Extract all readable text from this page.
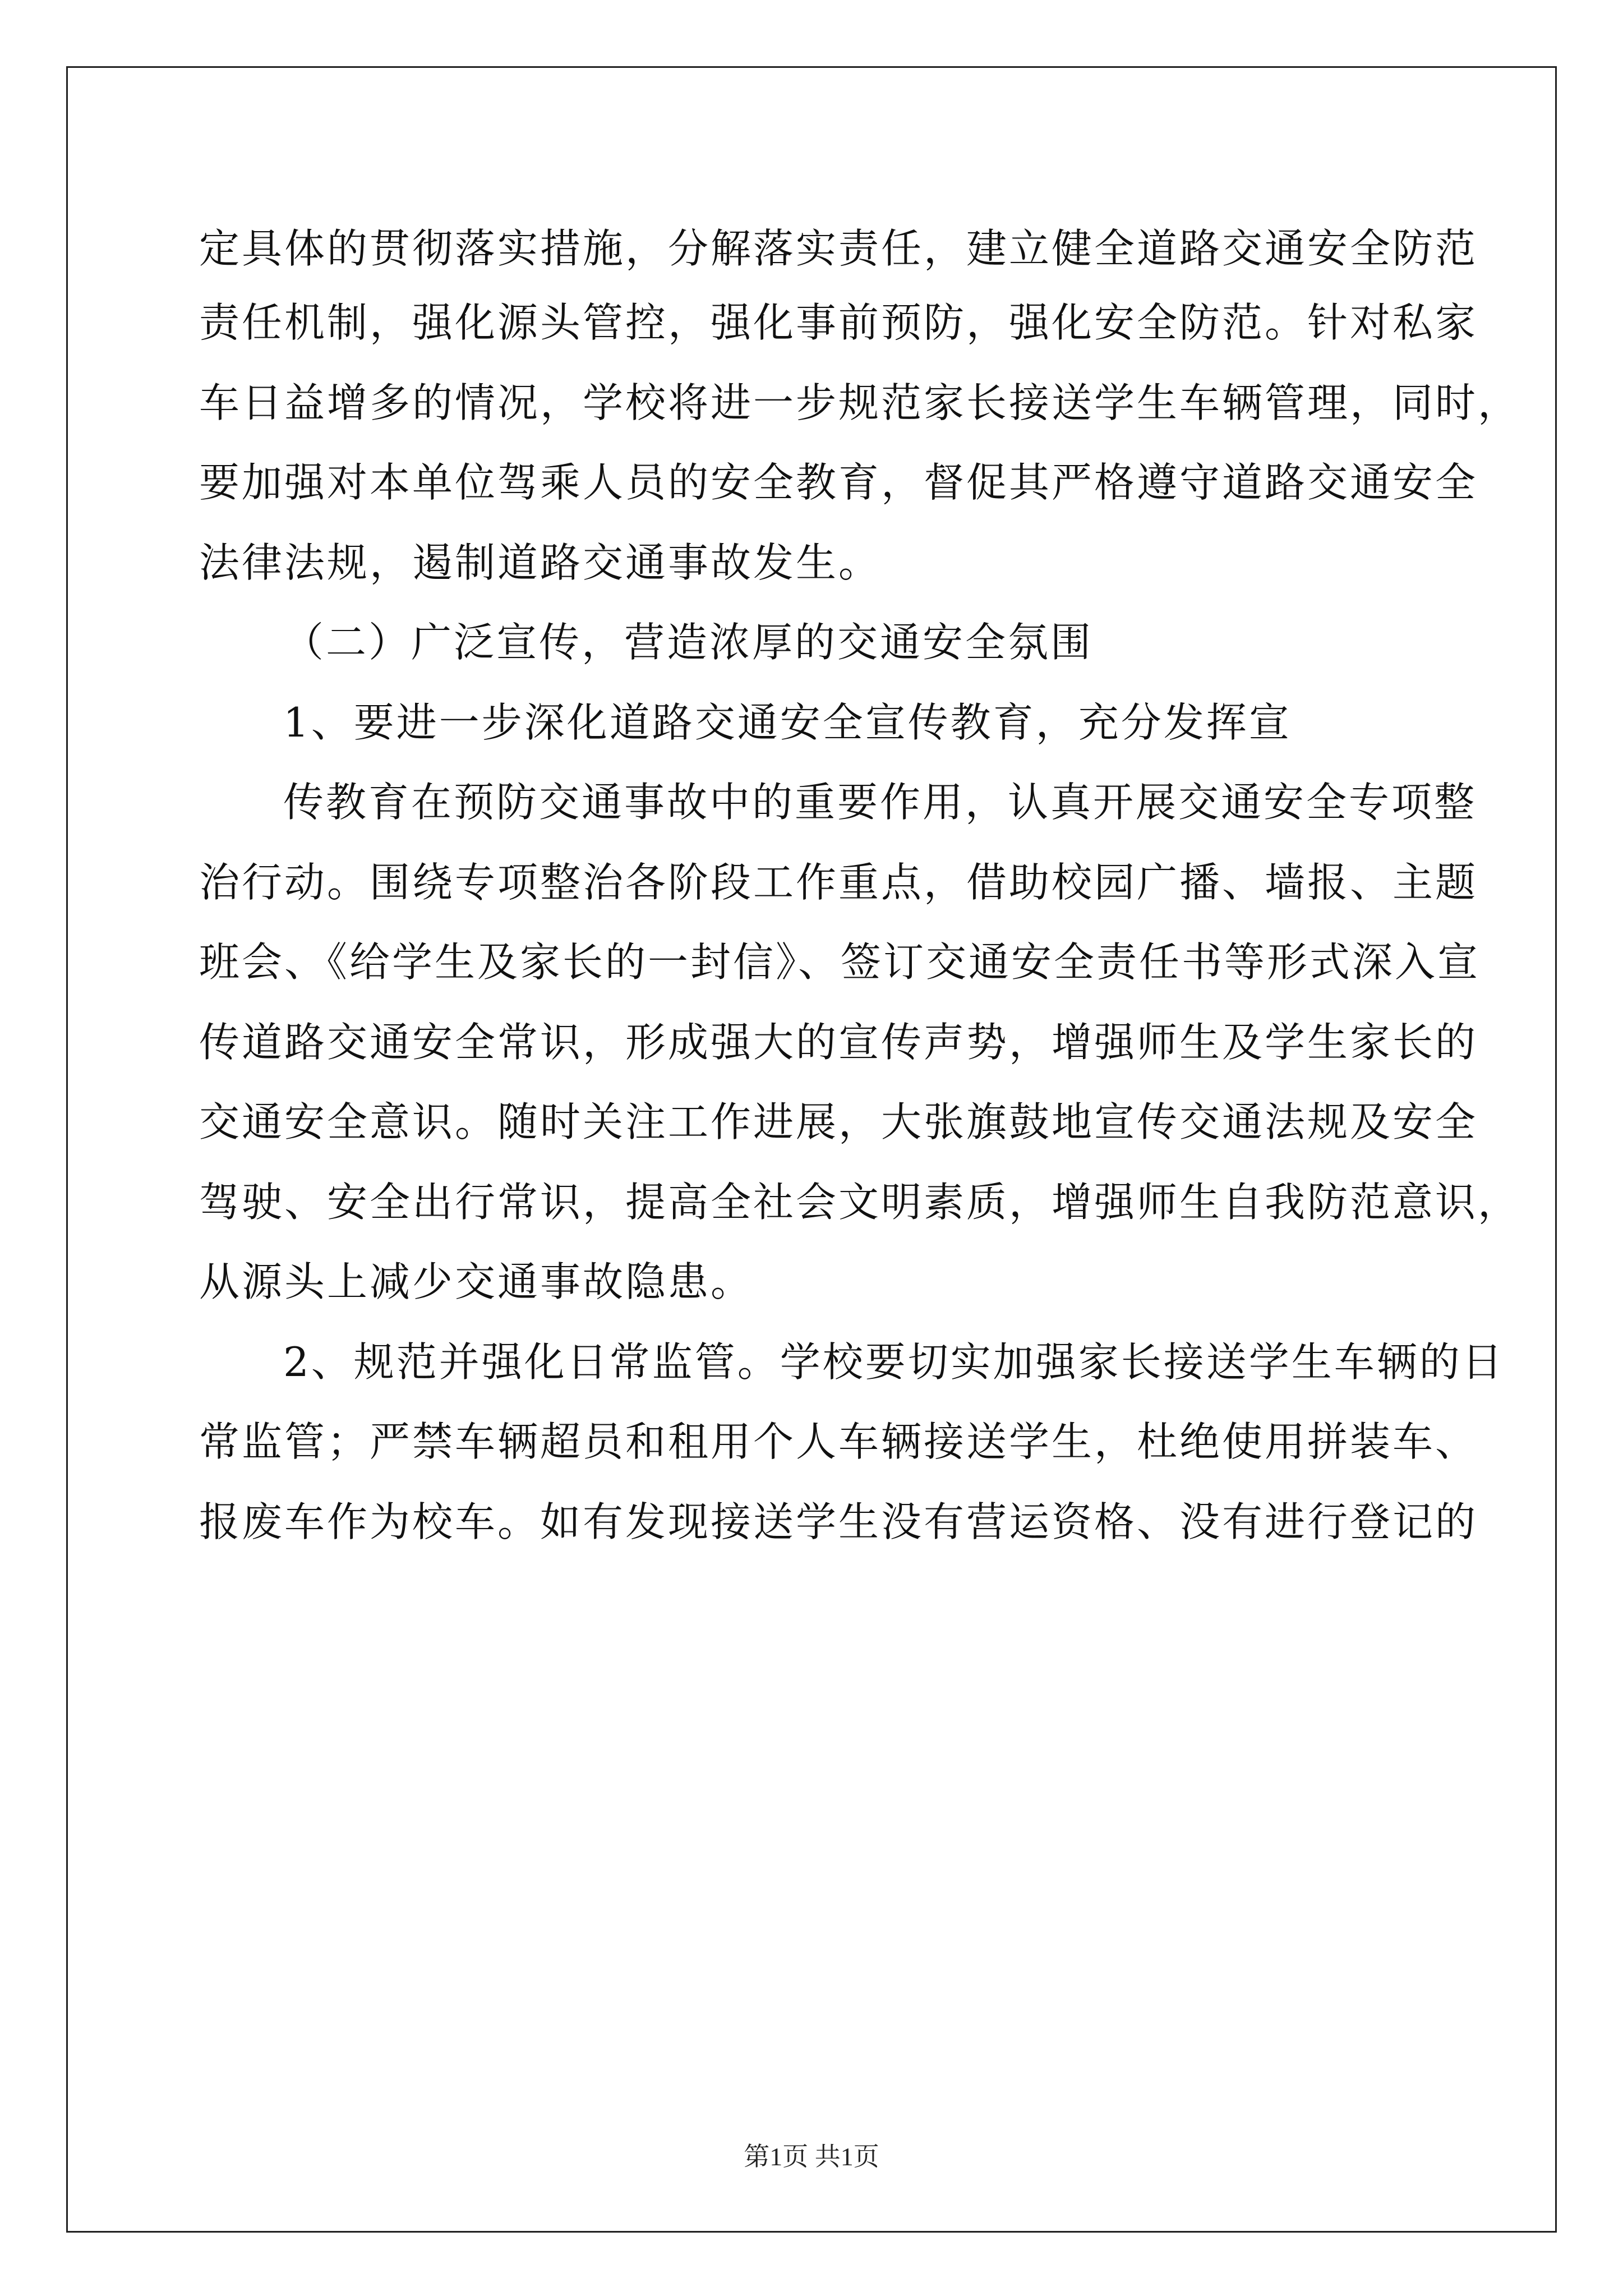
定具体的贯彻落实措施，分解落实责任，建立健全道路交通安全防范
责任机制，强化源头管控，强化事前预防，强化安全防范。针对私家
车日益增多的情况，学校将进一步规范家长接送学生车辆管理，同时，
要加强对本单位驾乘人员的安全教育，督促其严格遵守道路交通安全
法律法规，遏制道路交通事故发生。
（二）广泛宣传，营造浓厚的交通安全氛围
1、要进一步深化道路交通安全宣传教育，充分发挥宣
传教育在预防交通事故中的重要作用，认真开展交通安全专项整
治行动。围绕专项整治各阶段工作重点，借助校园广播、墙报、主题
班会、《给学生及家长的一封信》、签订交通安全责任书等形式深入宣
传道路交通安全常识，形成强大的宣传声势，增强师生及学生家长的
交通安全意识。随时关注工作进展，大张旗鼓地宣传交通法规及安全
驾驶、安全出行常识，提高全社会文明素质，增强师生自我防范意识，
从源头上减少交通事故隐患。
2、规范并强化日常监管。学校要切实加强家长接送学生车辆的日
常监管；严禁车辆超员和租用个人车辆接送学生，杜绝使用拼装车、
报废车作为校车。如有发现接送学生没有营运资格、没有进行登记的
第1页 共1页
